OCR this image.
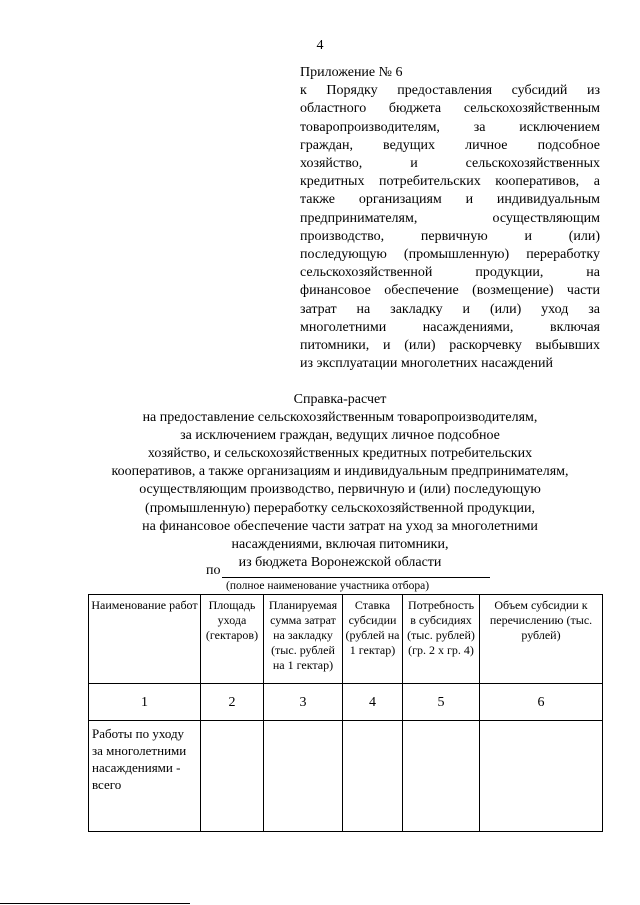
4
Приложение № 6
к Порядку предоставления субсидий из
областного бюджета сельскохозяйственным
товаропроизводителям, за исключением
граждан, ведущих личное подсобное
хозяйство, и сельскохозяйственных
кредитных потребительских кооперативов, а
также организациям и индивидуальным
предпринимателям, осуществляющим
производство, первичную и (или)
последующую (промышленную) переработку
сельскохозяйственной продукции, на
финансовое обеспечение (возмещение) части
затрат на закладку и (или) уход за
многолетними насаждениями, включая
питомники, и (или) раскорчевку выбывших
из эксплуатации многолетних насаждений
Справка-расчет
на предоставление сельскохозяйственным товаропроизводителям,
за исключением граждан, ведущих личное подсобное
хозяйство, и сельскохозяйственных кредитных потребительских
кооперативов, а также организациям и индивидуальным предпринимателям,
осуществляющим производство, первичную и (или) последующую
(промышленную) переработку сельскохозяйственной продукции,
на финансовое обеспечение части затрат на уход за многолетними
насаждениями, включая питомники,
из бюджета Воронежской области
по
(полное наименование участника отбора)
Наименование работ	Площадь ухода (гектаров)	Планируемая сумма затрат на закладку (тыс. рублей на 1 гектар)	Ставка субсидии (рублей на 1 гектар)	Потребность в субсидиях (тыс. рублей) (гр. 2 х гр. 4)	Объем субсидии к перечислению (тыс. рублей)
1	2	3	4	5	6
Работы по уходу за многолетними насаждениями - всего					
